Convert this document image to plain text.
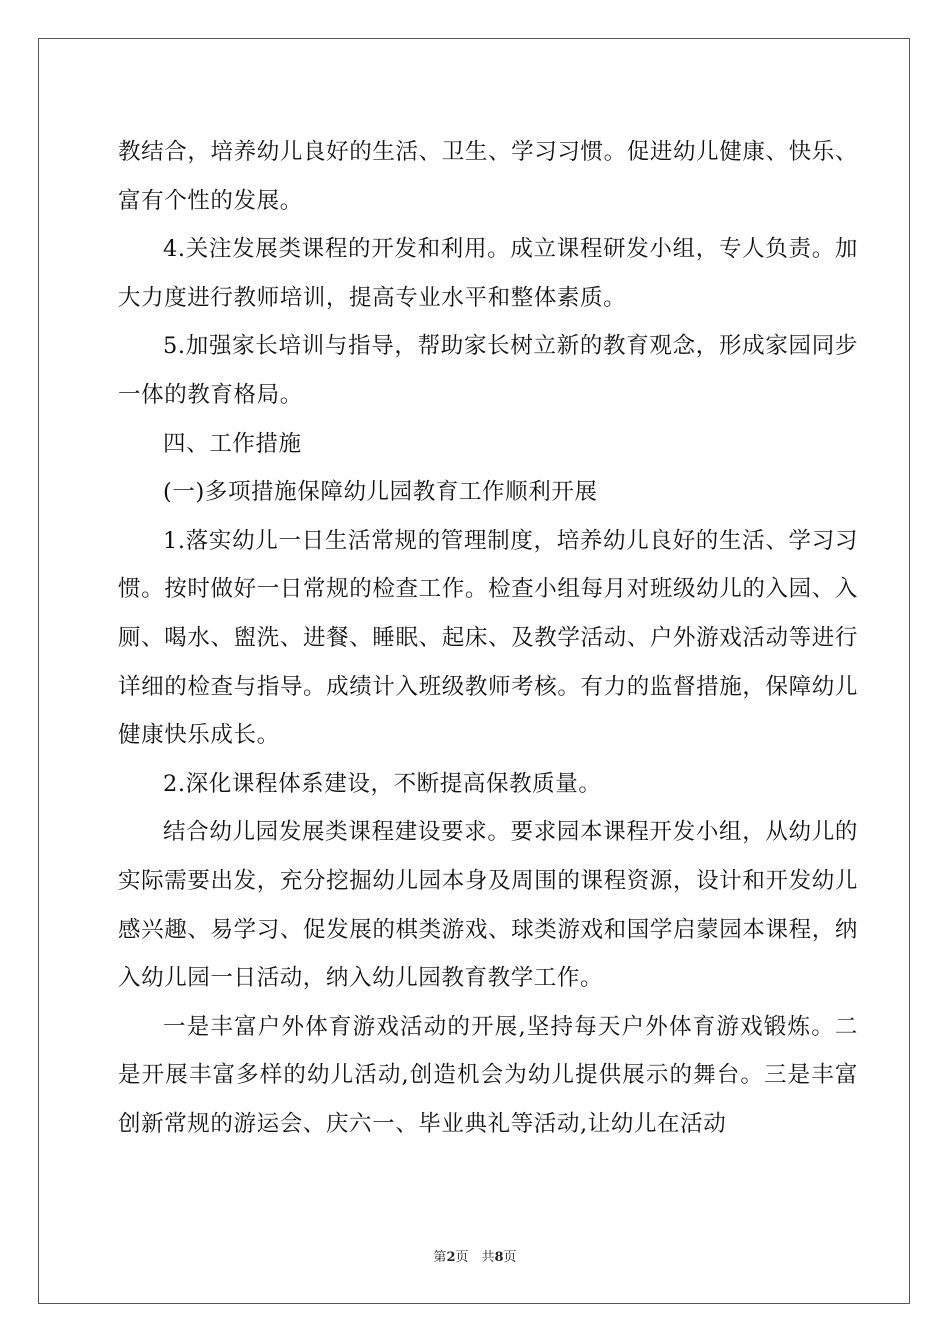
教结合，培养幼儿良好的生活、卫生、学习习惯。促进幼儿健康、快乐、富有个性的发展。

4.关注发展类课程的开发和利用。成立课程研发小组，专人负责。加大力度进行教师培训，提高专业水平和整体素质。

5.加强家长培训与指导，帮助家长树立新的教育观念，形成家园同步一体的教育格局。

四、工作措施

(一)多项措施保障幼儿园教育工作顺利开展

1.落实幼儿一日生活常规的管理制度，培养幼儿良好的生活、学习习惯。按时做好一日常规的检查工作。检查小组每月对班级幼儿的入园、入厕、喝水、盥洗、进餐、睡眠、起床、及教学活动、户外游戏活动等进行详细的检查与指导。成绩计入班级教师考核。有力的监督措施，保障幼儿健康快乐成长。

2.深化课程体系建设，不断提高保教质量。

结合幼儿园发展类课程建设要求。要求园本课程开发小组，从幼儿的实际需要出发，充分挖掘幼儿园本身及周围的课程资源，设计和开发幼儿感兴趣、易学习、促发展的棋类游戏、球类游戏和国学启蒙园本课程，纳入幼儿园一日活动，纳入幼儿园教育教学工作。

一是丰富户外体育游戏活动的开展,坚持每天户外体育游戏锻炼。二是开展丰富多样的幼儿活动,创造机会为幼儿提供展示的舞台。三是丰富创新常规的游运会、庆六一、毕业典礼等活动,让幼儿在活动

第2页　共8页
